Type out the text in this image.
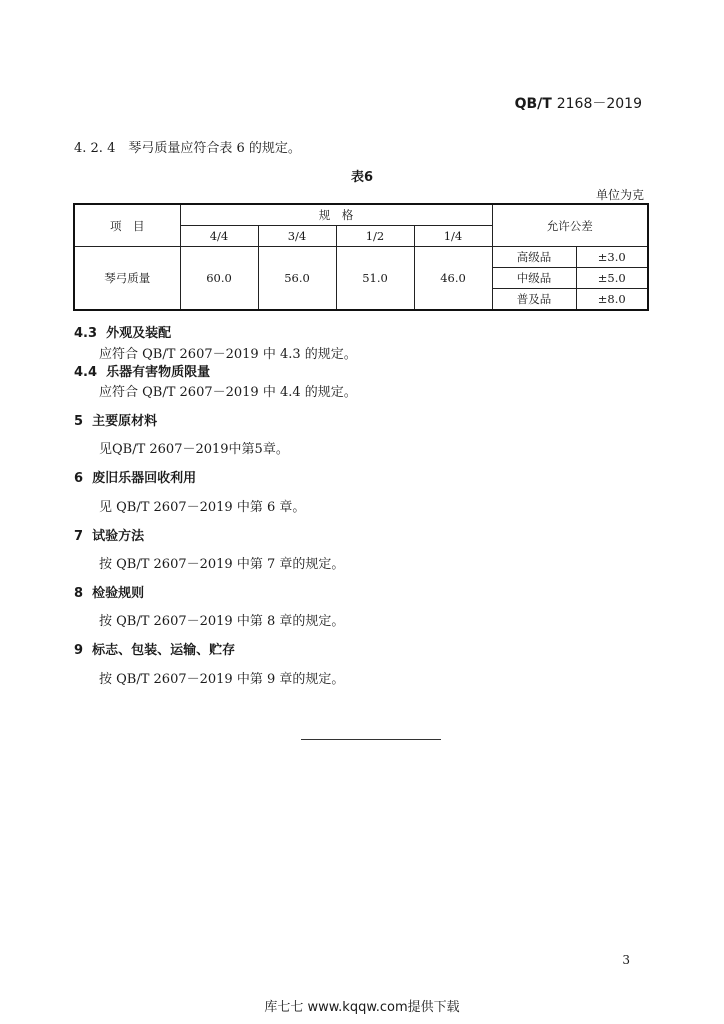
QB/T 2168－2019
4. 2. 4　琴弓质量应符合表 6 的规定。
表6
单位为克
项　目	规　格				允许公差	
	4/4	3/4	1/2	1/4		
琴弓质量	60.0	56.0	51.0	46.0	高级品	±3.0
					中级品	±5.0
					普及品	±8.0
4.3 外观及装配
应符合 QB/T 2607－2019 中 4.3 的规定。
4.4 乐器有害物质限量
应符合 QB/T 2607－2019 中 4.4 的规定。
5 主要原材料
见QB/T 2607－2019中第5章。
6 废旧乐器回收利用
见 QB/T 2607－2019 中第 6 章。
7 试验方法
按 QB/T 2607－2019 中第 7 章的规定。
8 检验规则
按 QB/T 2607－2019 中第 8 章的规定。
9 标志、包装、运输、贮存
按 QB/T 2607－2019 中第 9 章的规定。
3
库七七 www.kqqw.com提供下载
